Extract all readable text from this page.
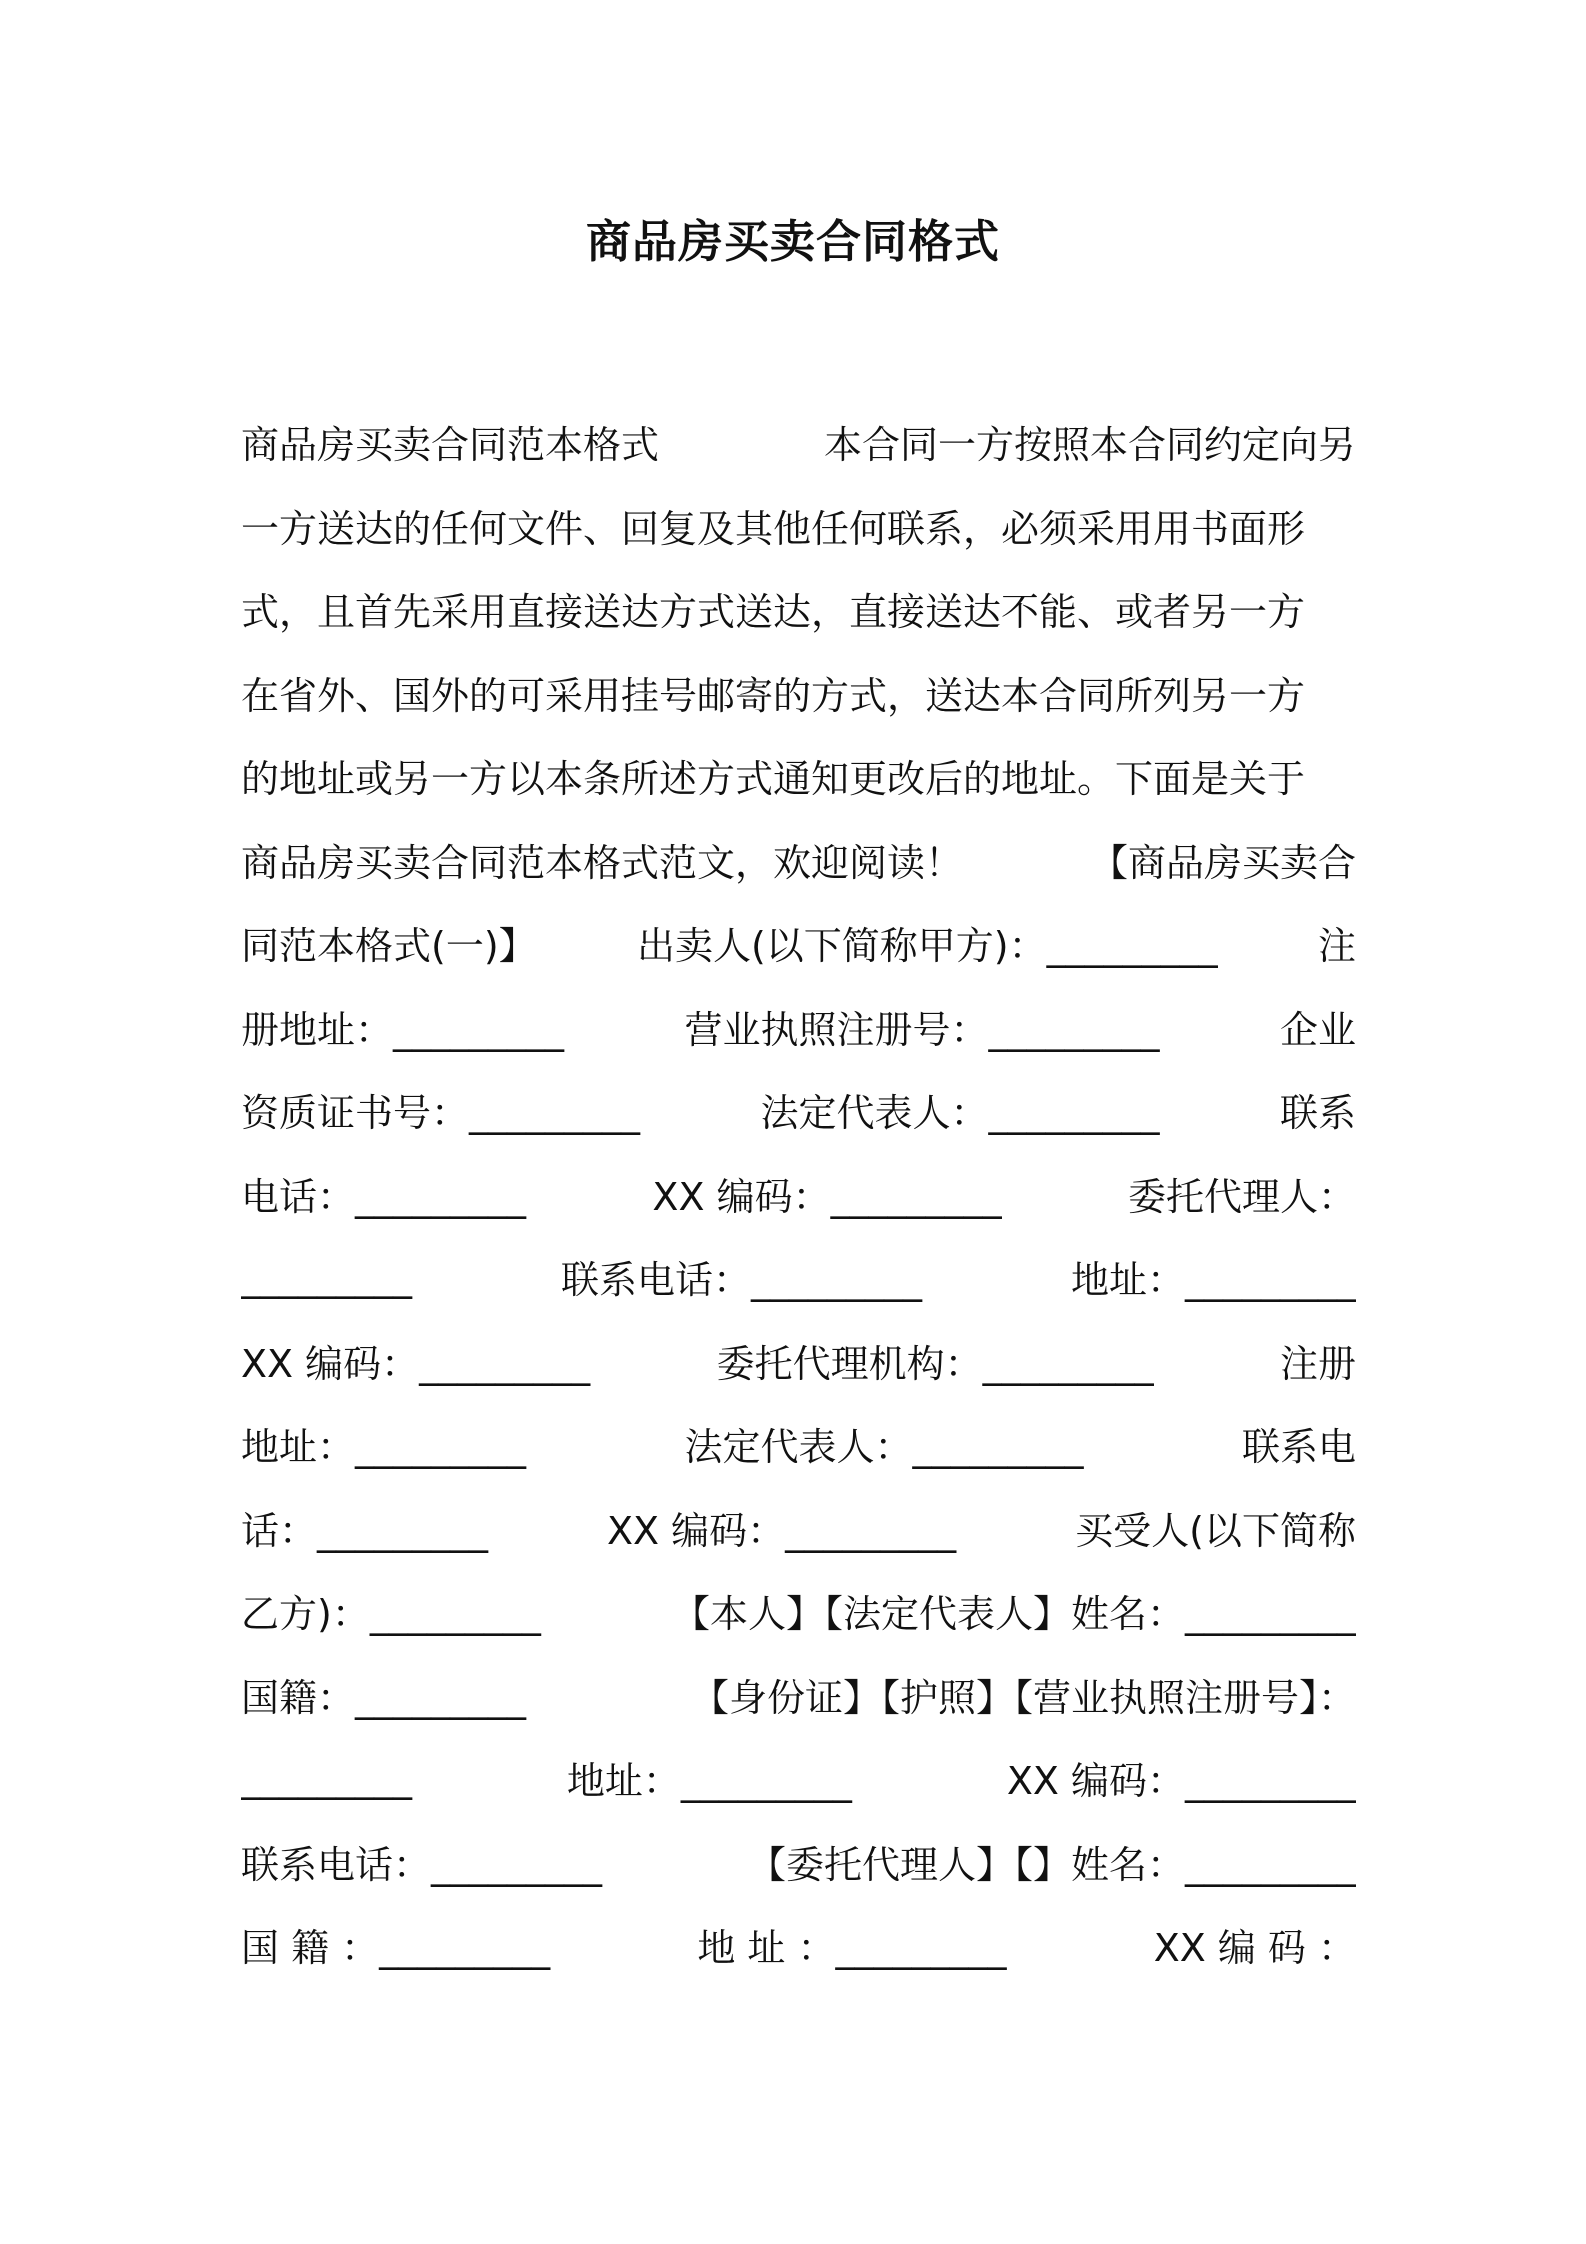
商品房买卖合同格式
商品房买卖合同范本格式	本合同一方按照本合同约定向另
一方送达的任何文件、回复及其他任何联系，必须采用用书面形
式，且首先采用直接送达方式送达，直接送达不能、或者另一方
在省外、国外的可采用挂号邮寄的方式，送达本合同所列另一方
的地址或另一方以本条所述方式通知更改后的地址。下面是关于
商品房买卖合同范本格式范文，欢迎阅读！	【商品房买卖合
同范本格式(一)】	出卖人(以下简称甲方)：_________	注
册地址：_________	营业执照注册号：_________	企业
资质证书号：_________	法定代表人：_________	联系
电话：_________	XX 编码：_________	委托代理人：
_________	联系电话：_________	地址：_________
XX 编码：_________	委托代理机构：_________	注册
地址：_________	法定代表人：_________	联系电
话：_________	XX 编码：_________	买受人(以下简称
乙方)：_________	【本人】【法定代表人】姓名：_________
国籍：_________	【身份证】【护照】【营业执照注册号】：
_________	地址：_________	XX 编码：_________
联系电话：_________	【委托代理人】【】姓名：_________
国 籍 ：_________	地 址 ：_________	XX 编 码 ：
